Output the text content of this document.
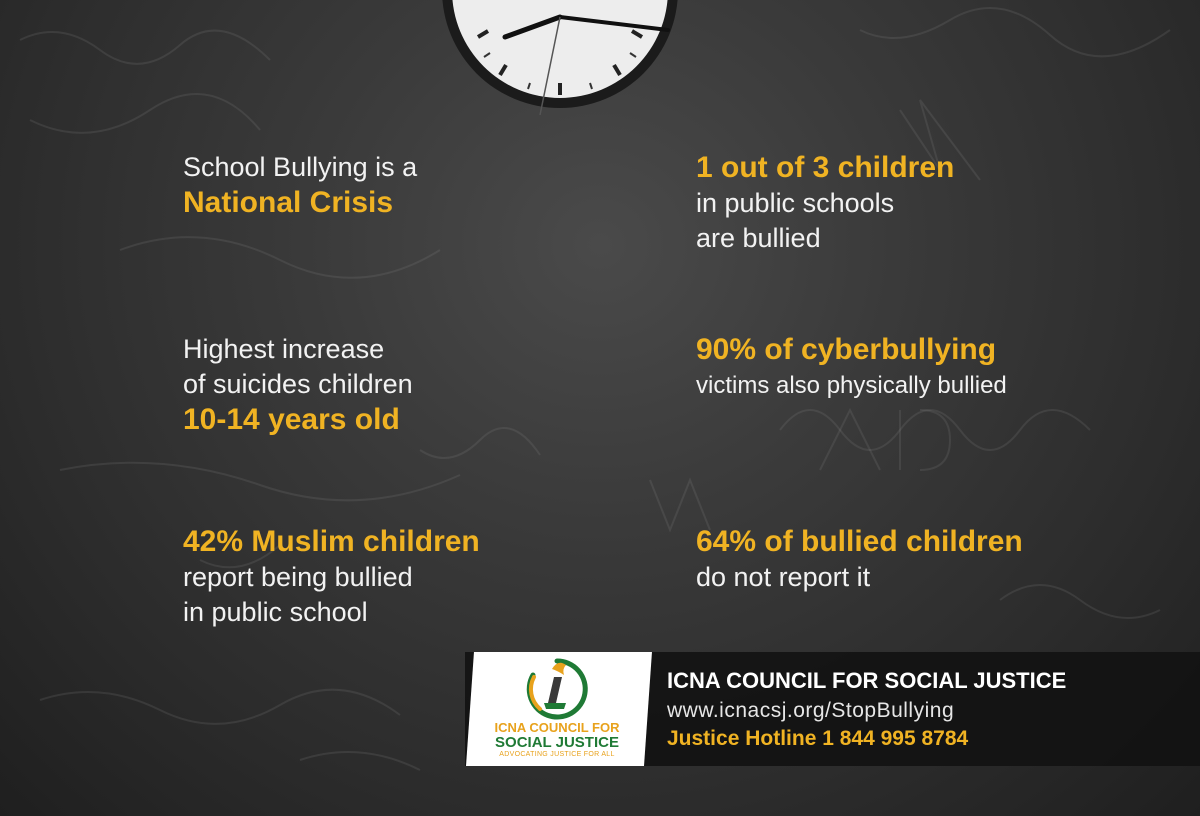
School Bullying is a
National Crisis
1 out of 3 children
in public schools
are bullied
Highest increase
of suicides children
10-14 years old
90% of cyberbullying
victims also physically bullied
42% Muslim children
report being bullied
in public school
64% of bullied children
do not report it
ICNA COUNCIL FOR
SOCIAL JUSTICE
ADVOCATING JUSTICE FOR ALL
ICNA COUNCIL FOR SOCIAL JUSTICE
www.icnacsj.org/StopBullying
Justice Hotline 1 844 995 8784
